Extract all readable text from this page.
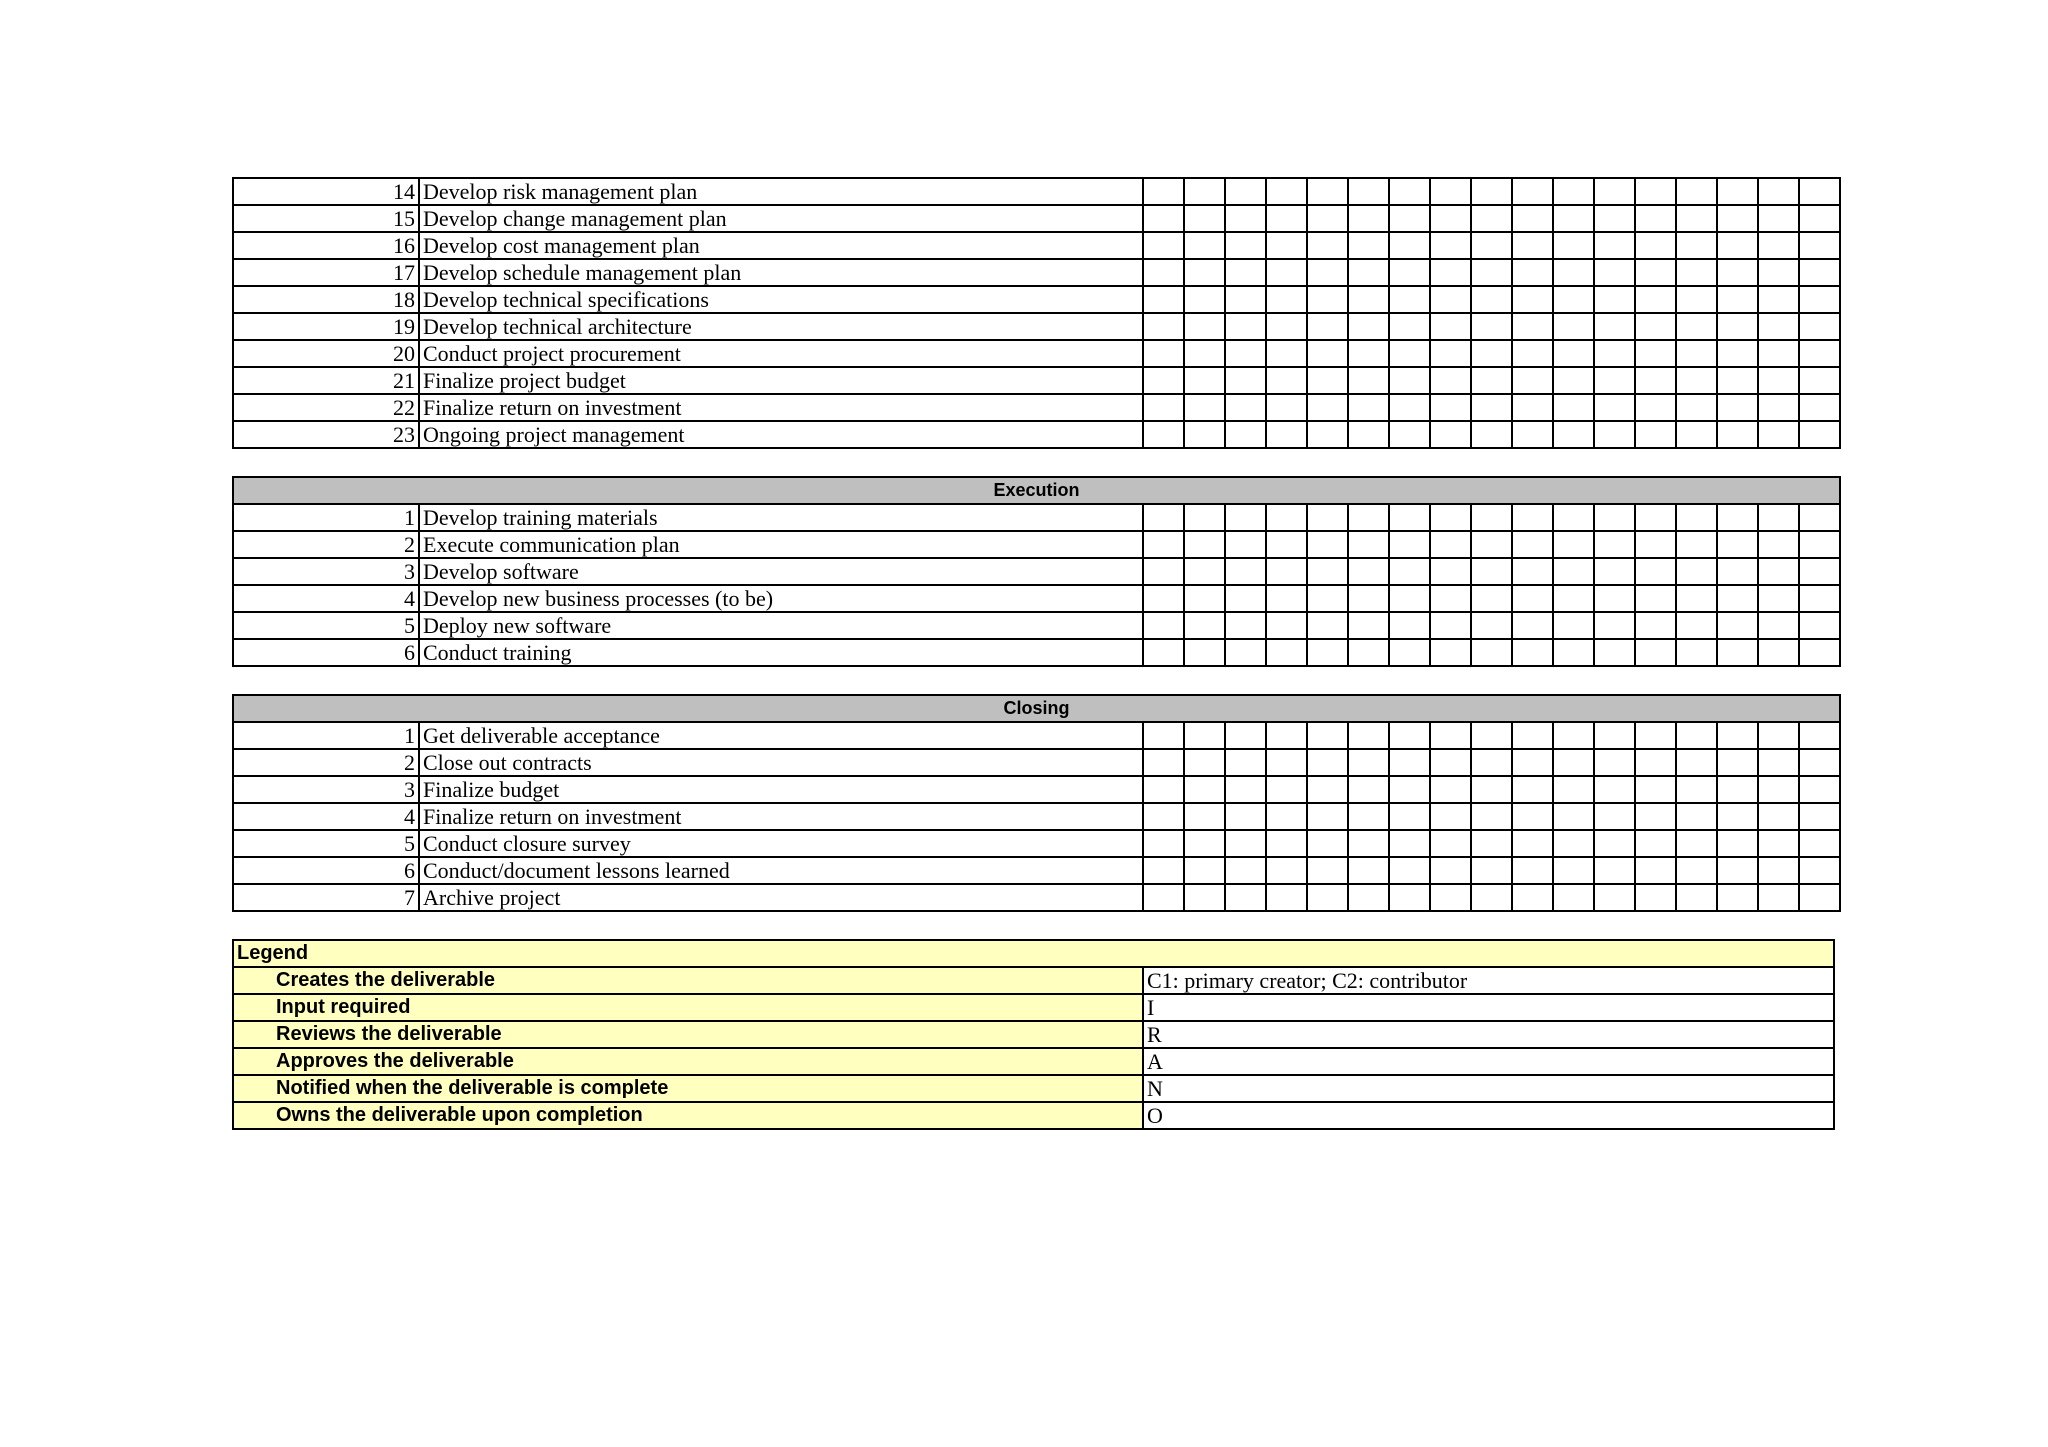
14	Develop risk management plan																	
15	Develop change management plan																	
16	Develop cost management plan																	
17	Develop schedule management plan																	
18	Develop technical specifications																	
19	Develop technical architecture																	
20	Conduct project procurement																	
21	Finalize project budget																	
22	Finalize return on investment																	
23	Ongoing project management																	

Execution																		
1	Develop training materials																	
2	Execute communication plan																	
3	Develop software																	
4	Develop new business processes (to be)																	
5	Deploy new software																	
6	Conduct training																	

Closing																		
1	Get deliverable acceptance																	
2	Close out contracts																	
3	Finalize budget																	
4	Finalize return on investment																	
5	Conduct closure survey																	
6	Conduct/document lessons learned																	
7	Archive project																	
Legend	
Creates the deliverable	C1: primary creator; C2: contributor
Input required	I
Reviews the deliverable	R
Approves the deliverable	A
Notified when the deliverable is complete	N
Owns the deliverable upon completion	O
